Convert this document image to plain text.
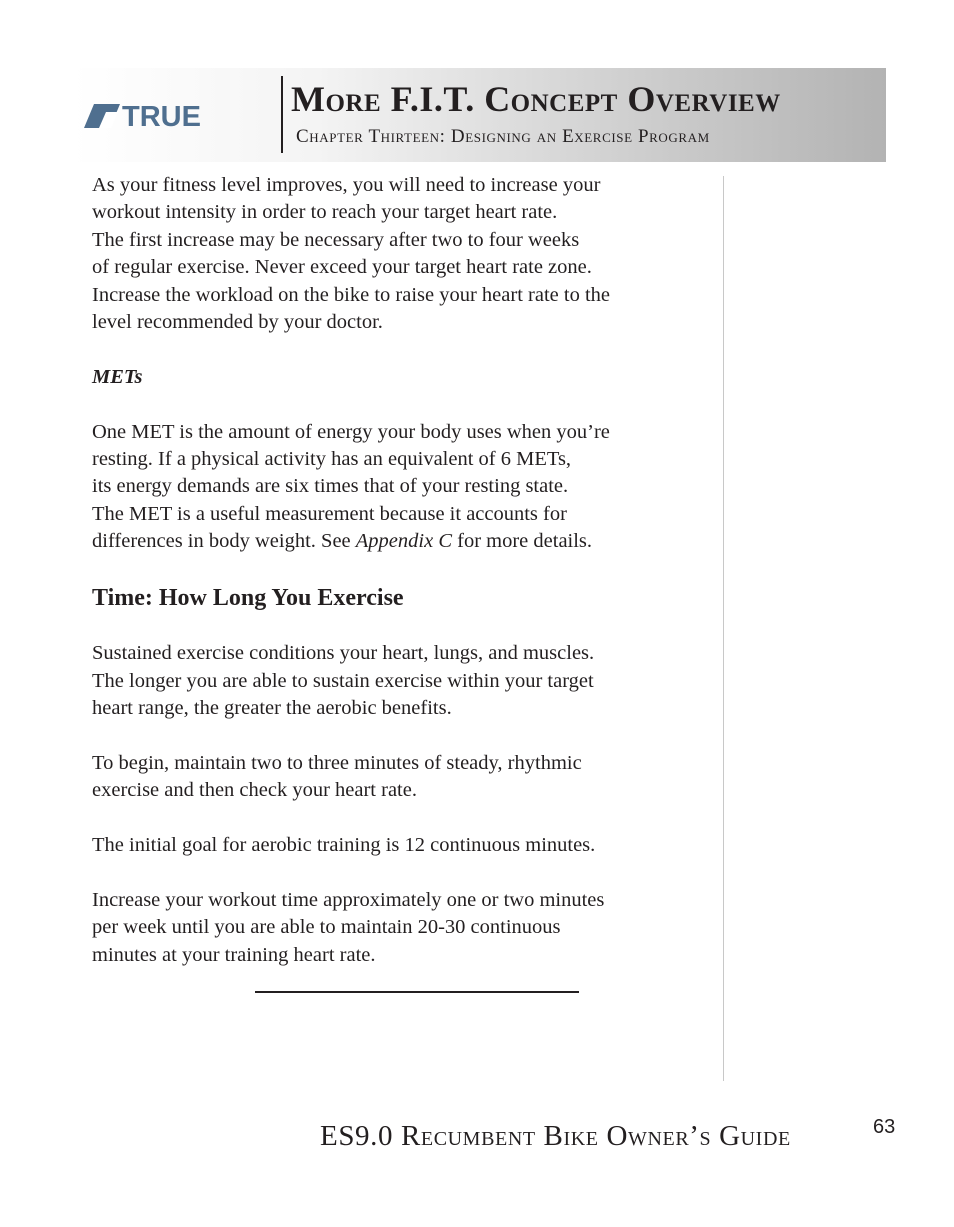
TRUE	More F.I.T. Concept Overview
Chapter Thirteen: Designing an Exercise Program

As your fitness level improves, you will need to increase your

workout intensity in order to reach your target heart rate.

The first increase may be necessary after two to four weeks

of regular exercise. Never exceed your target heart rate zone.

Increase the workload on the bike to raise your heart rate to the

level recommended by your doctor.

METs

One MET is the amount of energy your body uses when you’re

resting. If a physical activity has an equivalent of 6 METs,

its energy demands are six times that of your resting state.

The MET is a useful measurement because it accounts for

differences in body weight. See Appendix C for more details.

Time: How Long You Exercise

Sustained exercise conditions your heart, lungs, and muscles.

The longer you are able to sustain exercise within your target

heart range, the greater the aerobic benefits.

To begin, maintain two to three minutes of steady, rhythmic

exercise and then check your heart rate.

The initial goal for aerobic training is 12 continuous minutes.

Increase your workout time approximately one or two minutes

per week until you are able to maintain 20-30 continuous

minutes at your training heart rate.

ES9.0 Recumbent Bike Owner’s Guide	63
